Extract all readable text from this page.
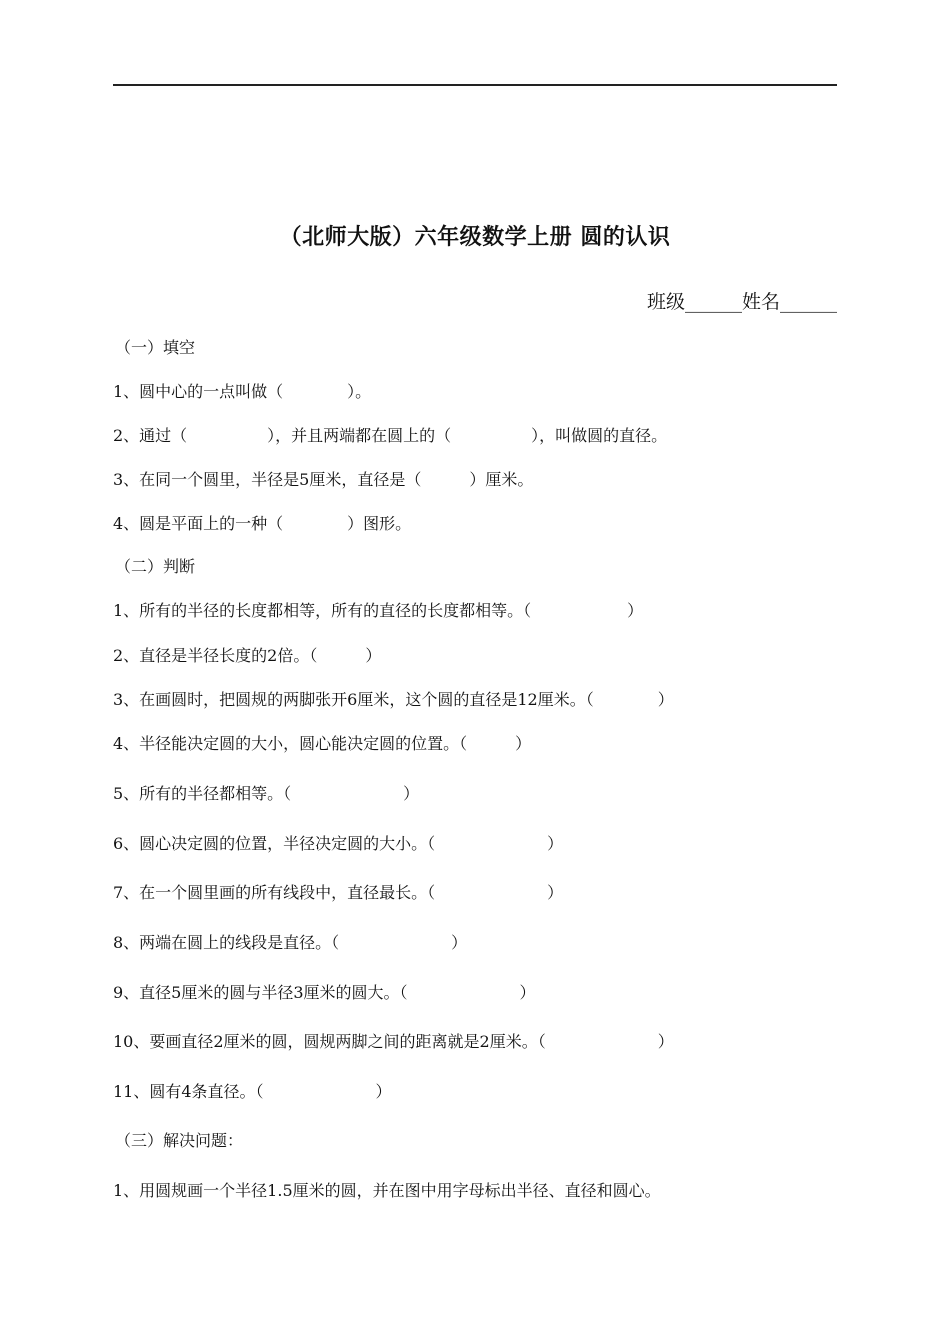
（北师大版）六年级数学上册 圆的认识
班级______姓名______
（一）填空
1、圆中心的一点叫做（　　　　）。
2、通过（　　　　　），并且两端都在圆上的（　　　　　），叫做圆的直径。
3、在同一个圆里，半径是5厘米，直径是（　　　）厘米。
4、圆是平面上的一种（　　　　）图形。
（二）判断
1、所有的半径的长度都相等，所有的直径的长度都相等。（　　　　　　）
2、直径是半径长度的2倍。（　　　）
3、在画圆时，把圆规的两脚张开6厘米，这个圆的直径是12厘米。（　　　　）
4、半径能决定圆的大小，圆心能决定圆的位置。（　　　）
5、所有的半径都相等。（　　　　　　　）
6、圆心决定圆的位置，半径决定圆的大小。（　　　　　　　）
7、在一个圆里画的所有线段中，直径最长。（　　　　　　　）
8、两端在圆上的线段是直径。（　　　　　　　）
9、直径5厘米的圆与半径3厘米的圆大。（　　　　　　　）
10、要画直径2厘米的圆，圆规两脚之间的距离就是2厘米。（　　　　　　　）
11、圆有4条直径。（　　　　　　　）
（三）解决问题：
1、用圆规画一个半径1.5厘米的圆，并在图中用字母标出半径、直径和圆心。
